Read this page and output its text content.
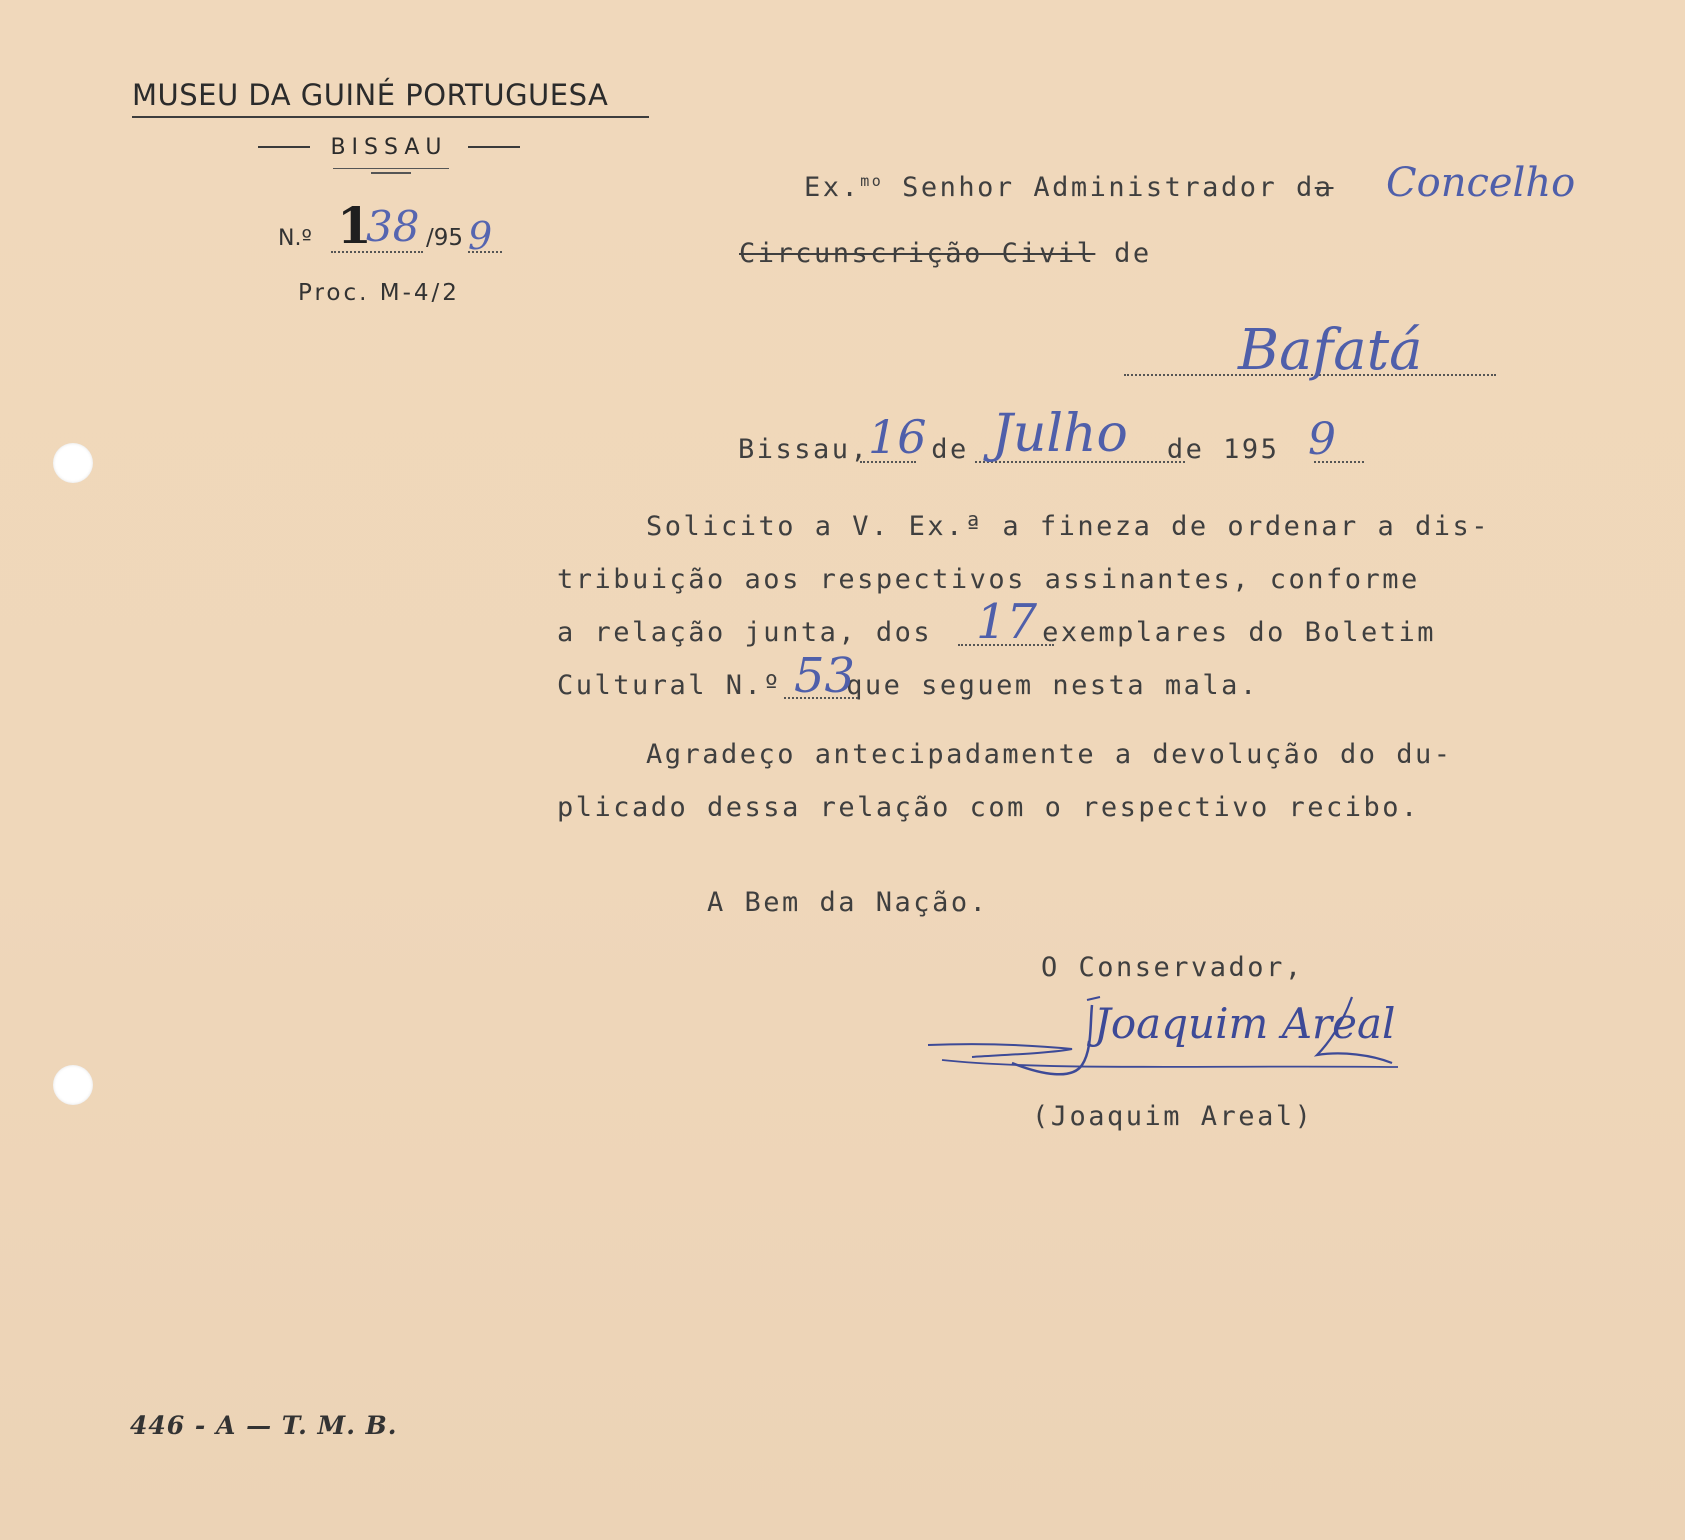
MUSEU DA GUINÉ PORTUGUESA
BISSAU
N.º 1
38 /95 9
Proc. M-4/2
Ex.$^{mo}$ Senhor Administrador da Concelho
Circunscrição Civil de
Bafatá
Bissau, de	de 195
16 Julho	9
Solicito a V. Ex.ª a fineza de ordenar a dis-
tribuição aos respectivos assinantes, conforme
a relação junta, dos	exemplares do Boletim
17
Cultural N.º que seguem nesta mala.
53
Agradeço antecipadamente a devolução do du-
plicado dessa relação com o respectivo recibo.
A Bem da Nação.
O Conservador,
Joaquim Areal
(Joaquim Areal)
446 - A — T. M. B.
